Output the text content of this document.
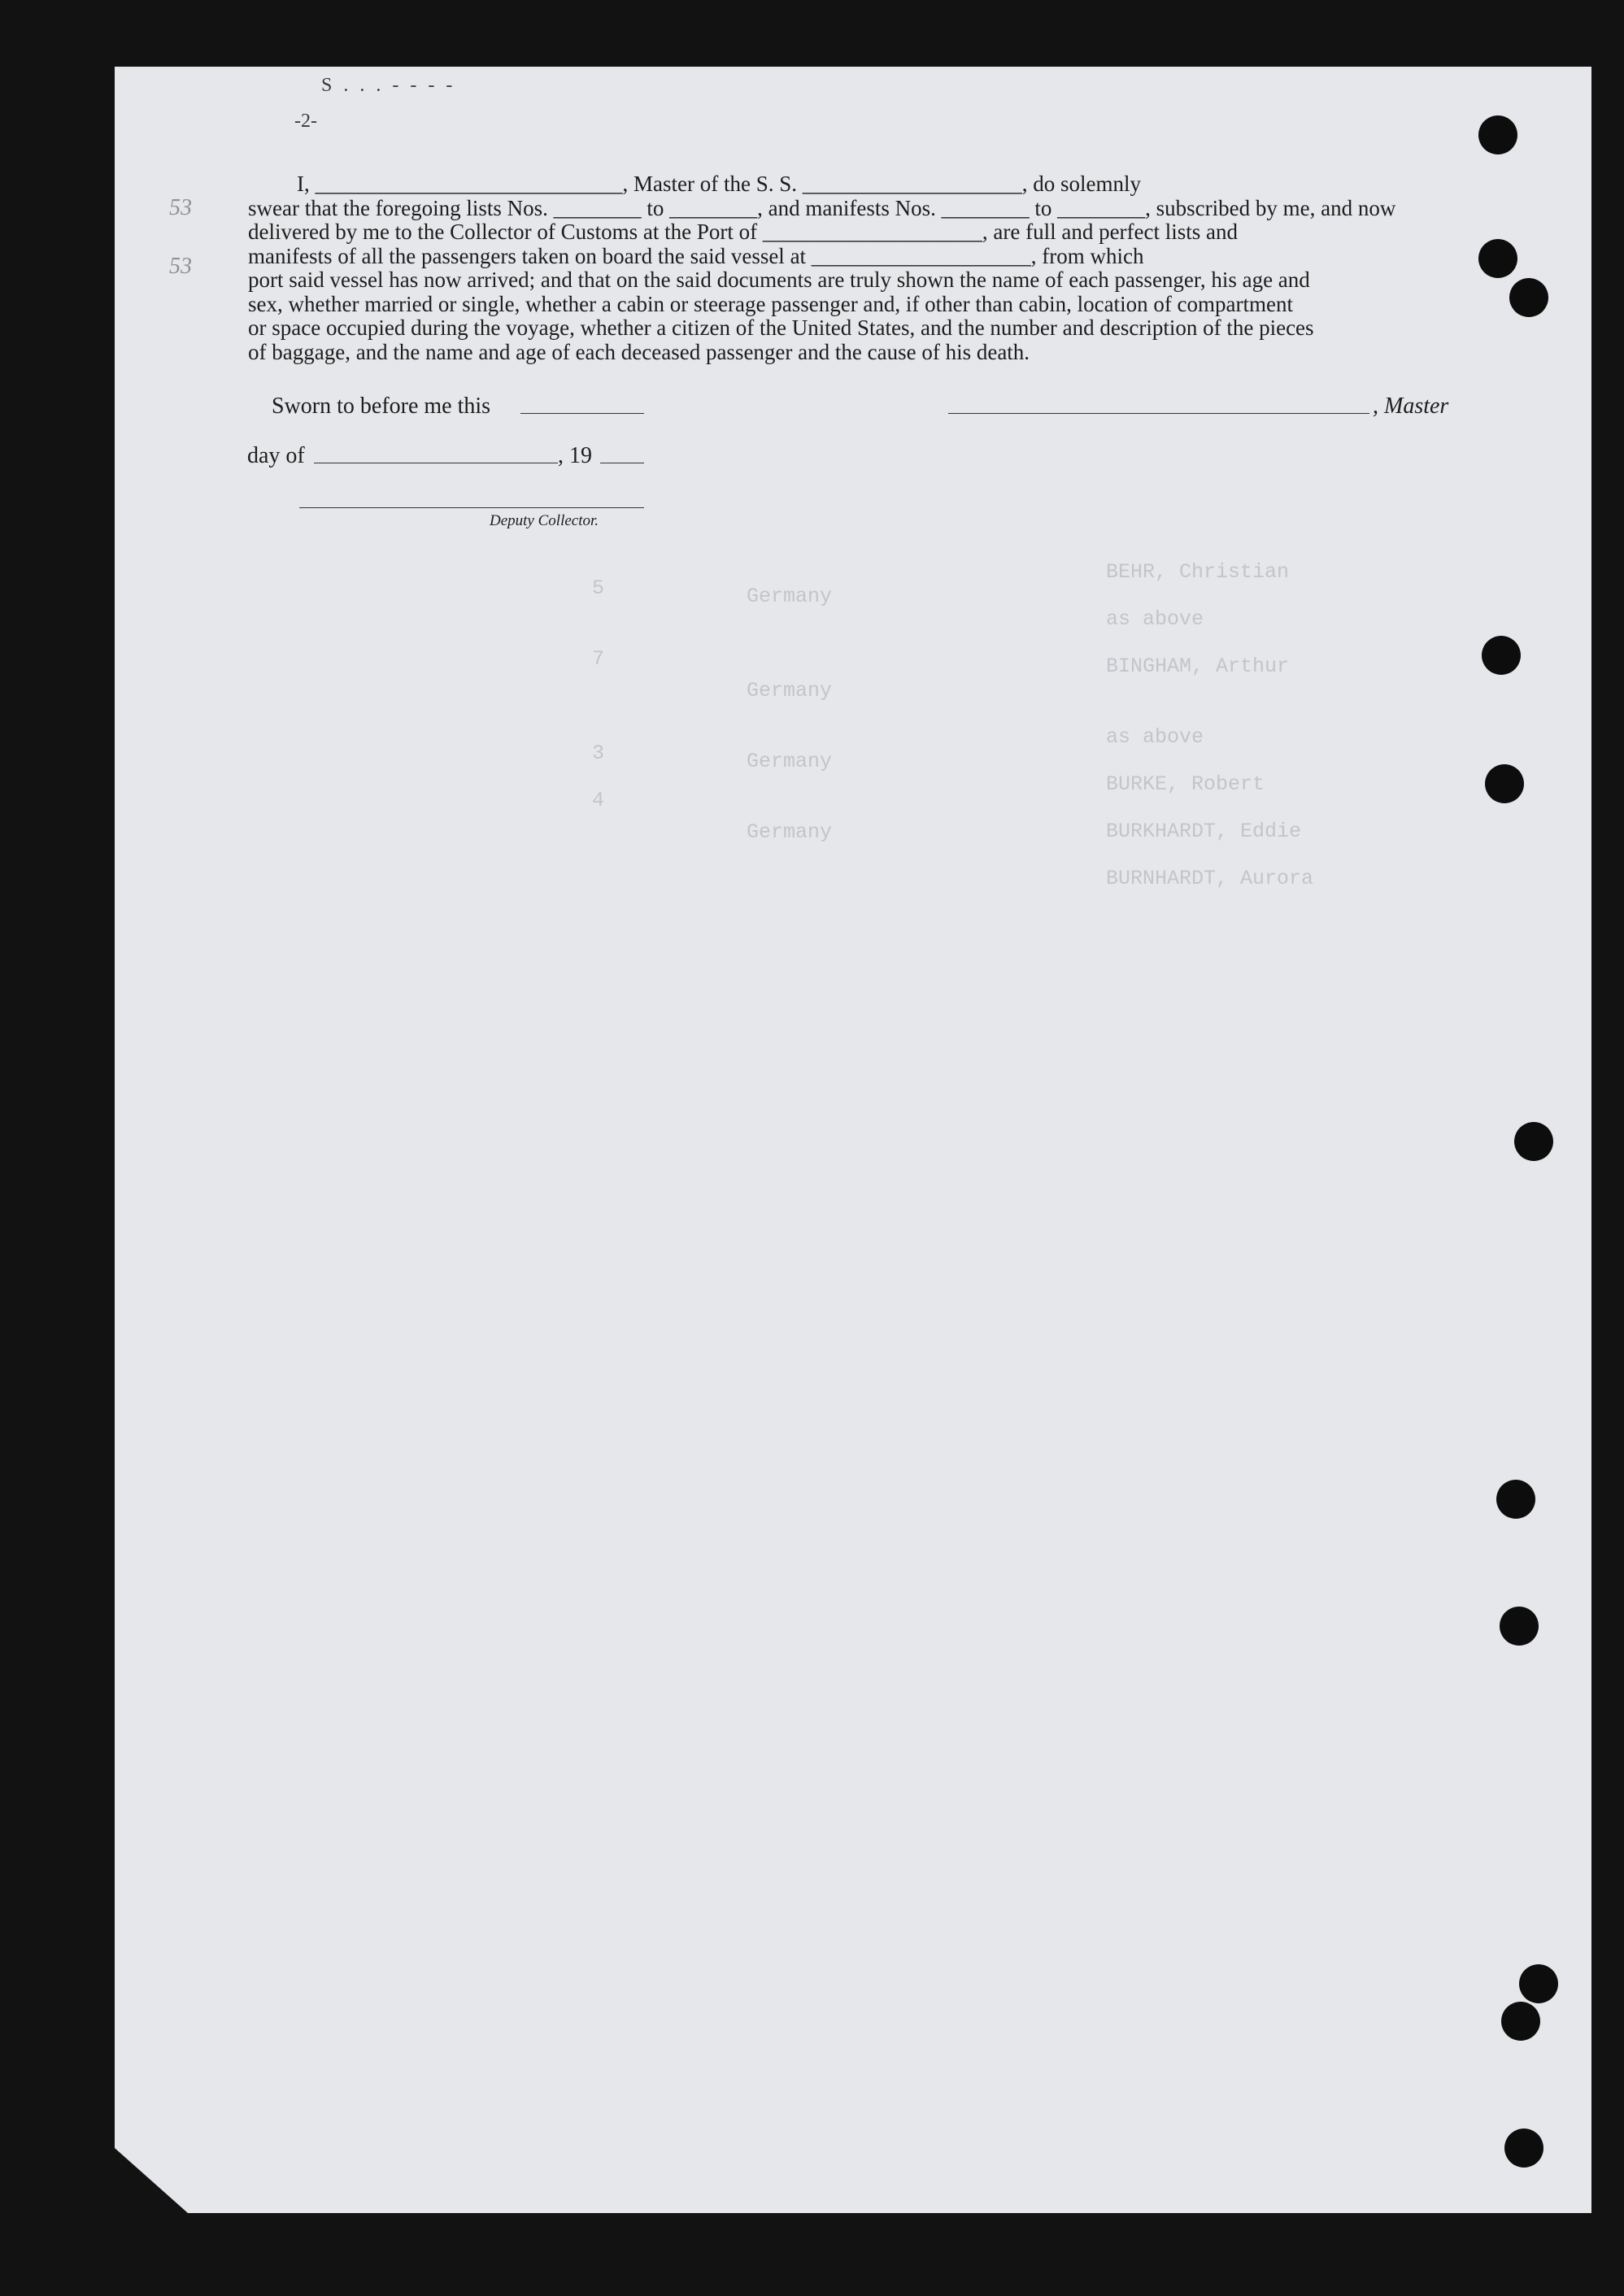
S . . . - - - -
-2-
53
53

5

7

3

4

Germany

Germany

Germany

Germany

BEHR, Christian

as above

BINGHAM, Arthur

as above

BURKE, Robert

BURKHARDT, Eddie

BURNHARDT, Aurora

I, ____________________________, Master of the S. S. ____________________, do solemnly
swear that the foregoing lists Nos. ________ to ________, and manifests Nos. ________ to ________, subscribed by me, and now
delivered by me to the Collector of Customs at the Port of ____________________, are full and perfect lists and
manifests of all the passengers taken on board the said vessel at ____________________, from which
port said vessel has now arrived; and that on the said documents are truly shown the name of each passenger, his age and
sex, whether married or single, whether a cabin or steerage passenger and, if other than cabin, location of compartment
or space occupied during the voyage, whether a citizen of the United States, and the number and description of the pieces
of baggage, and the name and age of each deceased passenger and the cause of his death.
Sworn to before me this	, Master
day of	, 19
Deputy Collector.
